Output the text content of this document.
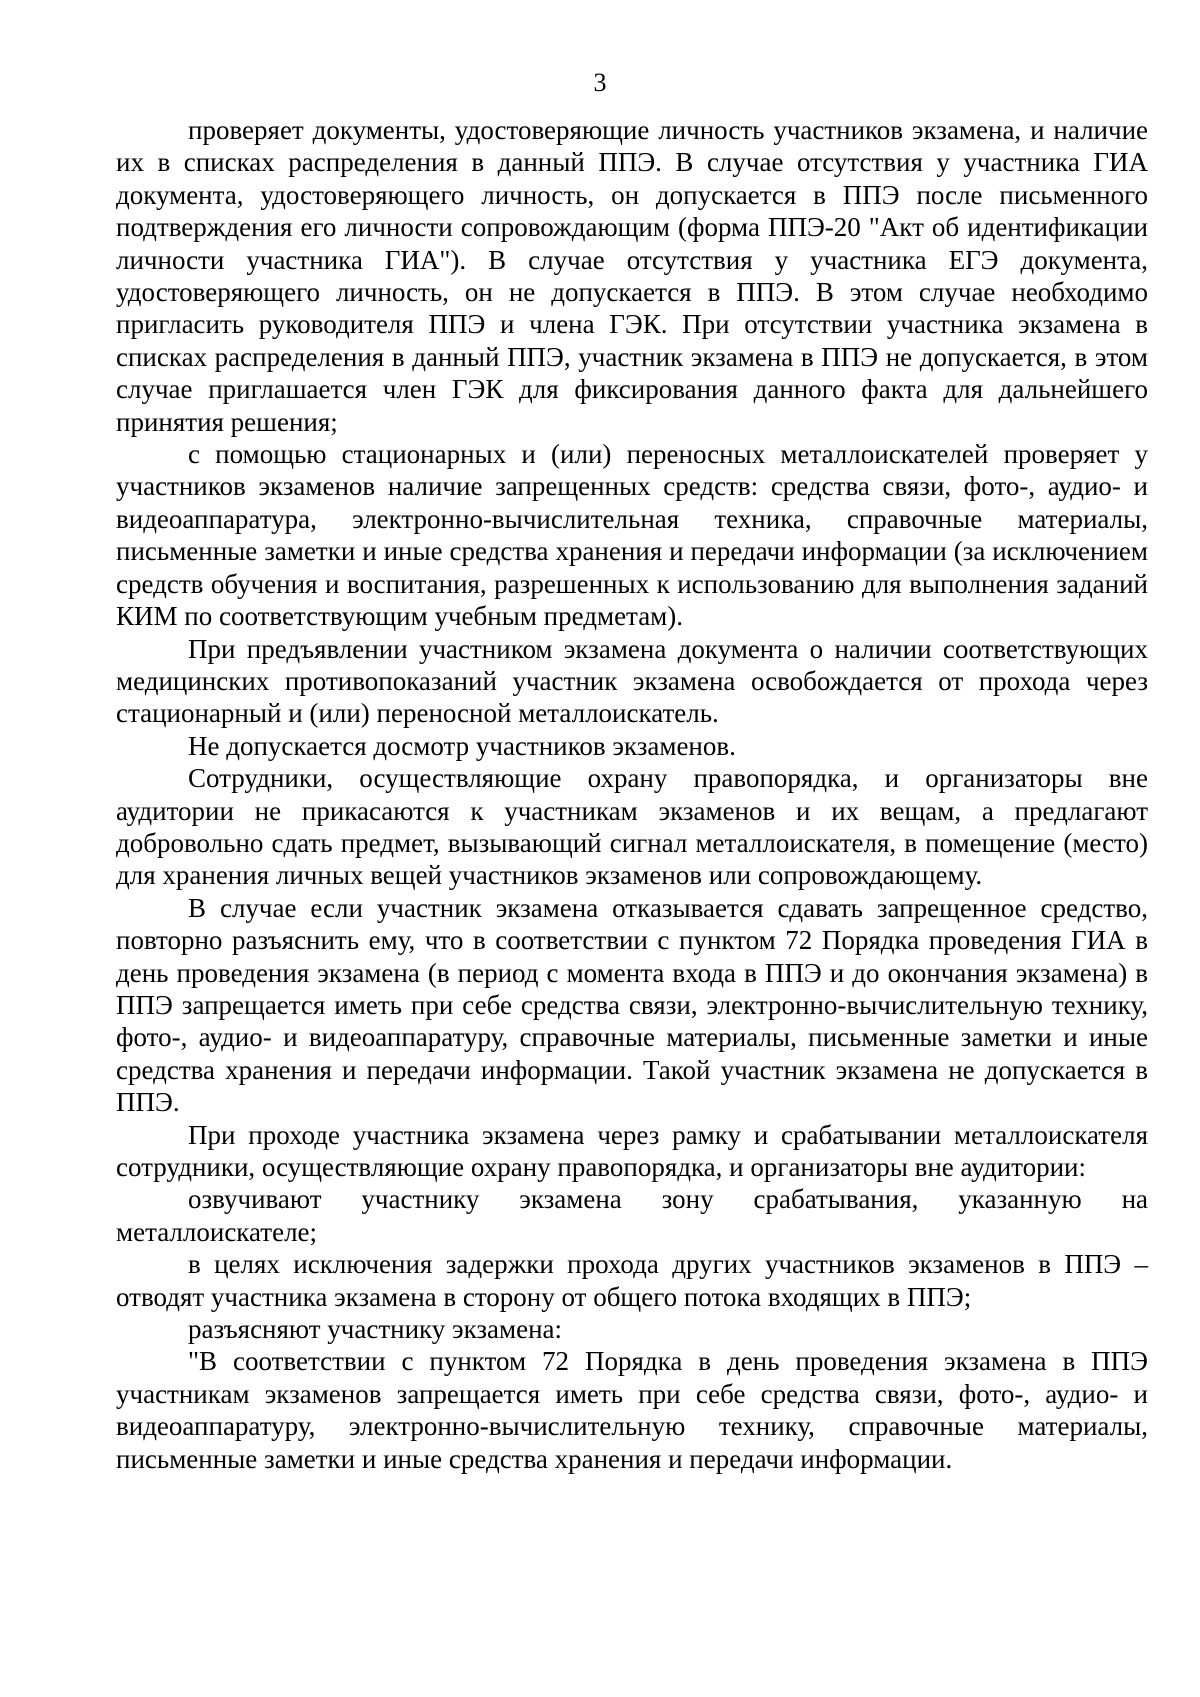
3

проверяет документы, удостоверяющие личность участников экзамена, и наличие их в списках распределения в данный ППЭ. В случае отсутствия у участника ГИА документа, удостоверяющего личность, он допускается в ППЭ после письменного подтверждения его личности сопровождающим (форма ППЭ-20 "Акт об идентификации личности участника ГИА"). В случае отсутствия у участника ЕГЭ документа, удостоверяющего личность, он не допускается в ППЭ. В этом случае необходимо пригласить руководителя ППЭ и члена ГЭК. При отсутствии участника экзамена в списках распределения в данный ППЭ, участник экзамена в ППЭ не допускается, в этом случае приглашается член ГЭК для фиксирования данного факта для дальнейшего принятия решения;

с помощью стационарных и (или) переносных металлоискателей проверяет у участников экзаменов наличие запрещенных средств: средства связи, фото-, аудио- и видеоаппаратура, электронно-вычислительная техника, справочные материалы, письменные заметки и иные средства хранения и передачи информации (за исключением средств обучения и воспитания, разрешенных к использованию для выполнения заданий КИМ по соответствующим учебным предметам).

При предъявлении участником экзамена документа о наличии соответствующих медицинских противопоказаний участник экзамена освобождается от прохода через стационарный и (или) переносной металлоискатель.

Не допускается досмотр участников экзаменов.

Сотрудники, осуществляющие охрану правопорядка, и организаторы вне аудитории не прикасаются к участникам экзаменов и их вещам, а предлагают добровольно сдать предмет, вызывающий сигнал металлоискателя, в помещение (место) для хранения личных вещей участников экзаменов или сопровождающему.

В случае если участник экзамена отказывается сдавать запрещенное средство, повторно разъяснить ему, что в соответствии с пунктом 72 Порядка проведения ГИА в день проведения экзамена (в период с момента входа в ППЭ и до окончания экзамена) в ППЭ запрещается иметь при себе средства связи, электронно-вычислительную технику, фото-, аудио- и видеоаппаратуру, справочные материалы, письменные заметки и иные средства хранения и передачи информации. Такой участник экзамена не допускается в ППЭ.

При проходе участника экзамена через рамку и срабатывании металлоискателя сотрудники, осуществляющие охрану правопорядка, и организаторы вне аудитории:

озвучивают участнику экзамена зону срабатывания, указанную на металлоискателе;

в целях исключения задержки прохода других участников экзаменов в ППЭ – отводят участника экзамена в сторону от общего потока входящих в ППЭ;

разъясняют участнику экзамена:

"В соответствии с пунктом 72 Порядка в день проведения экзамена в ППЭ участникам экзаменов запрещается иметь при себе средства связи, фото-, аудио- и видеоаппаратуру, электронно-вычислительную технику, справочные материалы, письменные заметки и иные средства хранения и передачи информации.
